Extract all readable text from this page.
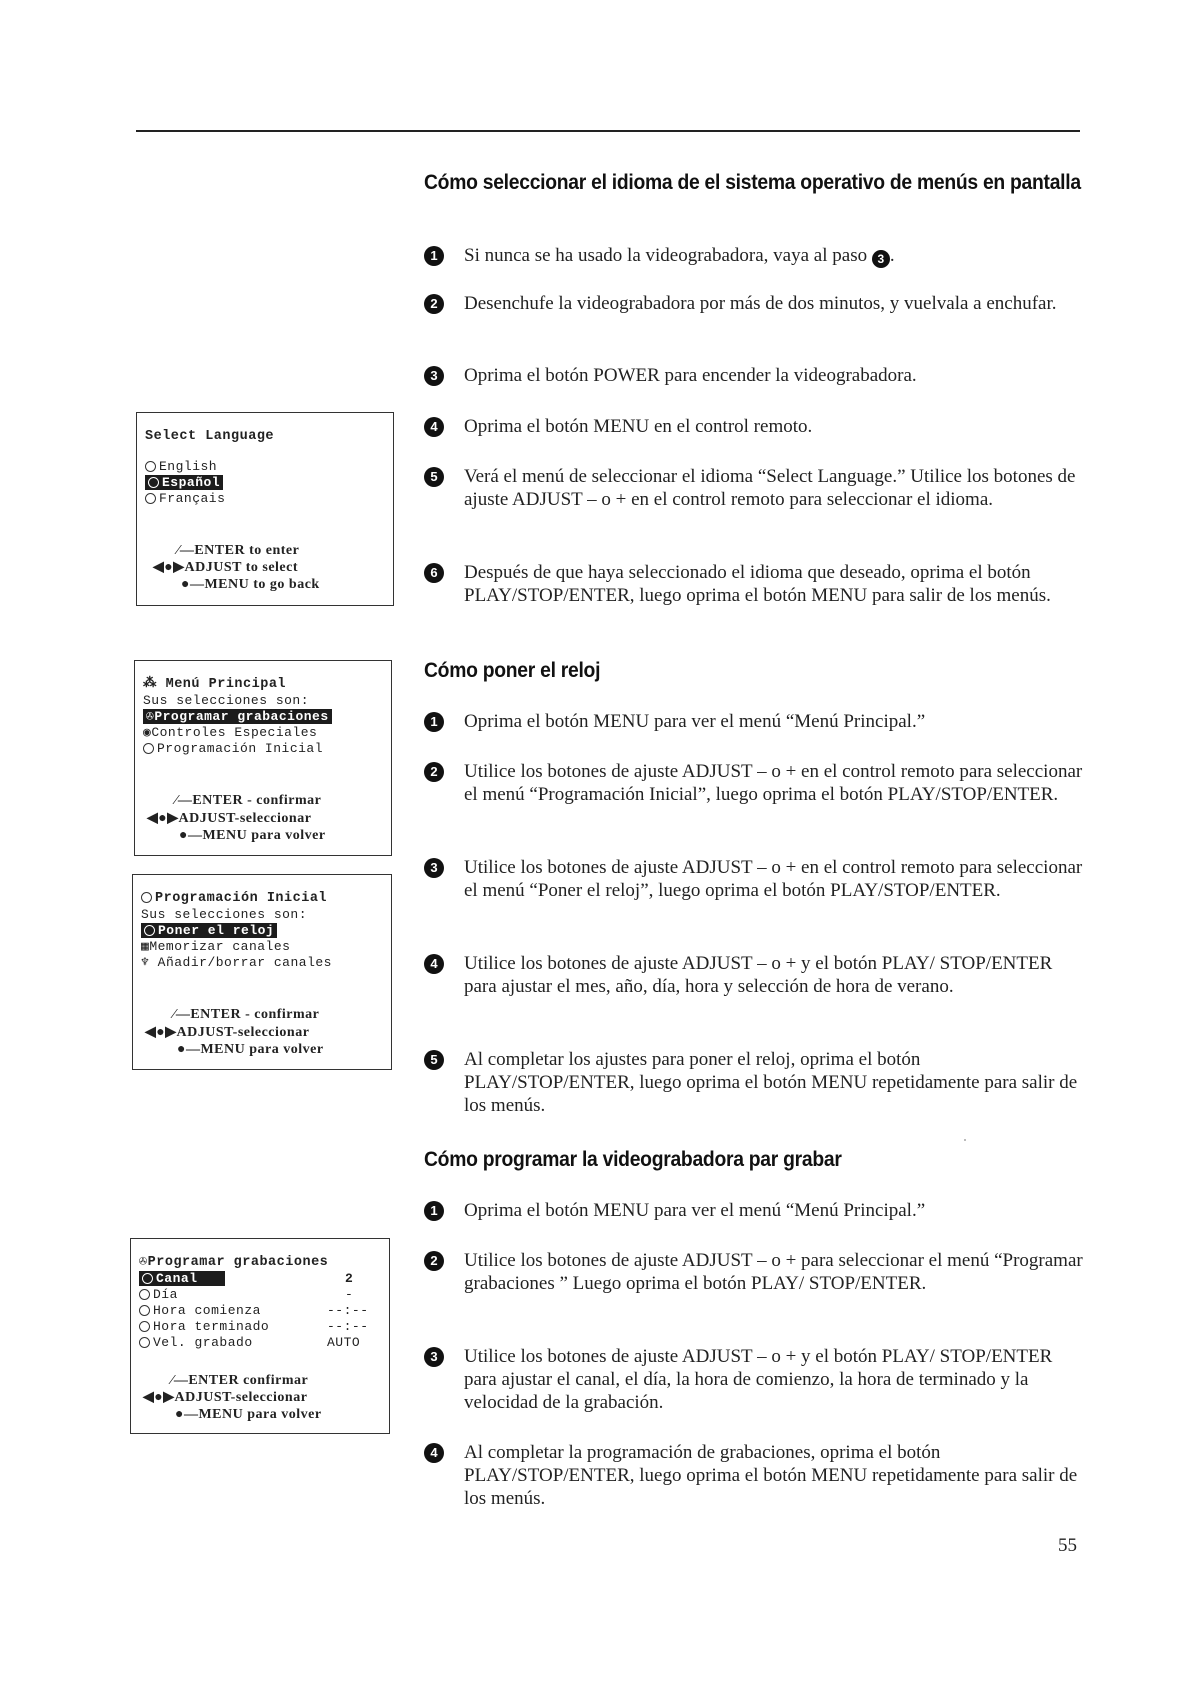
Cómo seleccionar el idioma de el sistema operativo de menús en pantalla
1	Si nunca se ha usado la videograbadora, vaya al paso 3 .
2	Desenchufe la videograbadora por más de dos minutos, y vuelvala a enchufar.
3	Oprima el botón POWER para encender la videograbadora.
4	Oprima el botón MENU en el control remoto.
5	Verá el menú de seleccionar el idioma “Select Language.” Utilice los botones de ajuste ADJUST – o + en el control remoto para seleccionar el idioma.
6	Después de que haya seleccionado el idioma que deseado, oprima el botón PLAY/STOP/ENTER, luego oprima el botón MENU para salir de los menús.
Cómo poner el reloj
1	Oprima el botón MENU para ver el menú “Menú Principal.”
2	Utilice los botones de ajuste ADJUST – o + en el control remoto para seleccionar el menú “Programación Inicial”, luego oprima el botón PLAY/STOP/ENTER.
3	Utilice los botones de ajuste ADJUST – o + en el control remoto para seleccionar el menú “Poner el reloj”, luego oprima el botón PLAY/STOP/ENTER.
4	Utilice los botones de ajuste ADJUST – o + y el botón PLAY/ STOP/ENTER para ajustar el mes, año, día, hora y selección de hora de verano.
5	Al completar los ajustes para poner el reloj, oprima el botón PLAY/STOP/ENTER, luego oprima el botón MENU repetidamente para salir de los menús.
Cómo programar la videograbadora par grabar
1	Oprima el botón MENU para ver el menú “Menú Principal.”
2	Utilice los botones de ajuste ADJUST – o + para seleccionar el menú “Programar grabaciones ” Luego oprima el botón PLAY/ STOP/ENTER.
3	Utilice los botones de ajuste ADJUST – o + y el botón PLAY/ STOP/ENTER para ajustar el canal, el día, la hora de comienzo, la hora de terminado y la velocidad de la grabación.
4	Al completar la programación de grabaciones, oprima el botón PLAY/STOP/ENTER, luego oprima el botón MENU repetidamente para salir de los menús.
Select Language
English
Español
Français
⁄―ENTER to enter
◀●▶ADJUST to select
●―MENU to go back
⁂ Menú Principal
Sus selecciones son:
✇Programar grabaciones
◉Controles Especiales
Programación Inicial
⁄―ENTER - confirmar
◀●▶ADJUST-seleccionar
●―MENU para volver
Programación Inicial
Sus selecciones son:
Poner el reloj
▦Memorizar canales
♆ Añadir/borrar canales
⁄―ENTER - confirmar
◀●▶ADJUST-seleccionar
●―MENU para volver
✇Programar grabaciones
Canal	2
Día	-
Hora comienza	--:--
Hora terminado	--:--
Vel. grabado	AUTO
⁄―ENTER confirmar
◀●▶ADJUST-seleccionar
●―MENU para volver
55
